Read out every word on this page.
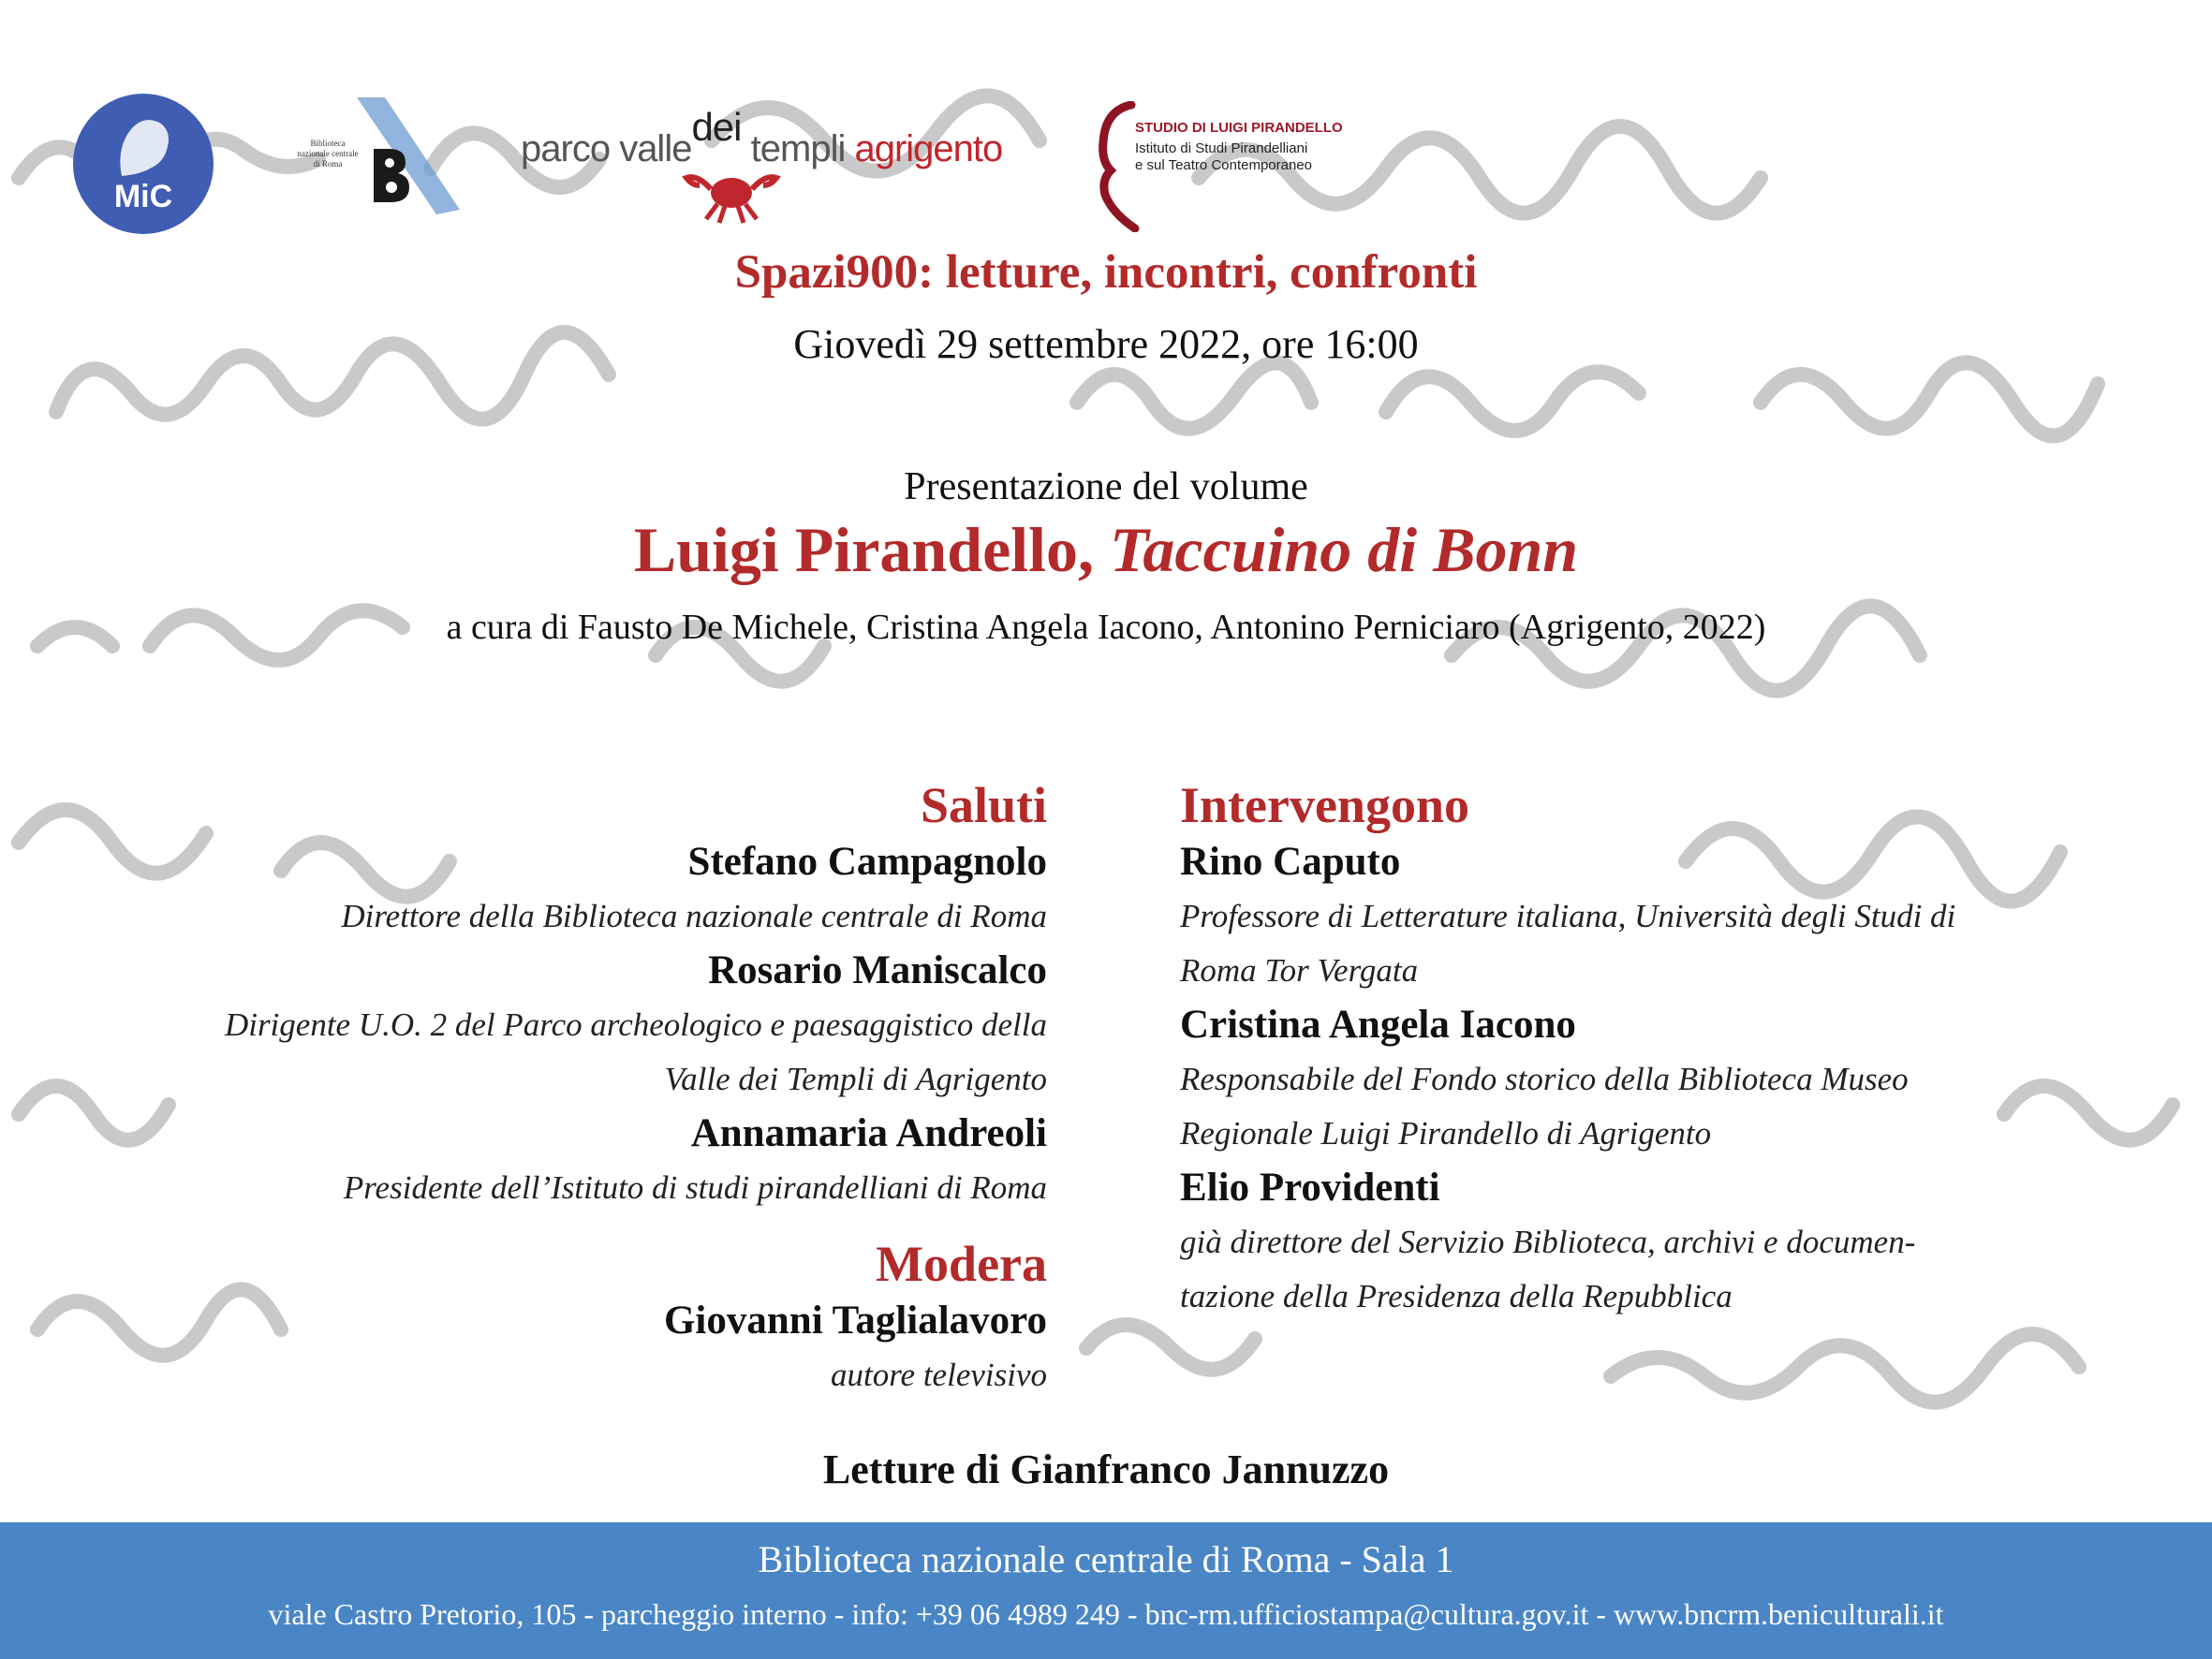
MiC
Biblioteca nazionale centrale di Roma	parco valledei templi agrigento
STUDIO DI LUIGI PIRANDELLO
Istituto di Studi Pirandelliani
e sul Teatro Contemporaneo
Spazi900: letture, incontri, confronti
Giovedì 29 settembre 2022, ore 16:00
Presentazione del volume
Luigi Pirandello, Taccuino di Bonn
a cura di Fausto De Michele, Cristina Angela Iacono, Antonino Perniciaro (Agrigento, 2022)
Saluti
Stefano Campagnolo
Direttore della Biblioteca nazionale centrale di Roma
Rosario Maniscalco
Dirigente U.O. 2 del Parco archeologico e paesaggistico della
Valle dei Templi di Agrigento
Annamaria Andreoli
Presidente dell’Istituto di studi pirandelliani di Roma
Modera
Giovanni Taglialavoro
autore televisivo
Intervengono
Rino Caputo
Professore di Letterature italiana, Università degli Studi di
Roma Tor Vergata
Cristina Angela Iacono
Responsabile del Fondo storico della Biblioteca Museo
Regionale Luigi Pirandello di Agrigento
Elio Providenti
già direttore del Servizio Biblioteca, archivi e documen-
tazione della Presidenza della Repubblica
Letture di Gianfranco Jannuzzo
Biblioteca nazionale centrale di Roma - Sala 1
viale Castro Pretorio, 105 - parcheggio interno - info: +39 06 4989 249 - bnc-rm.ufficiostampa@cultura.gov.it - www.bncrm.beniculturali.it
